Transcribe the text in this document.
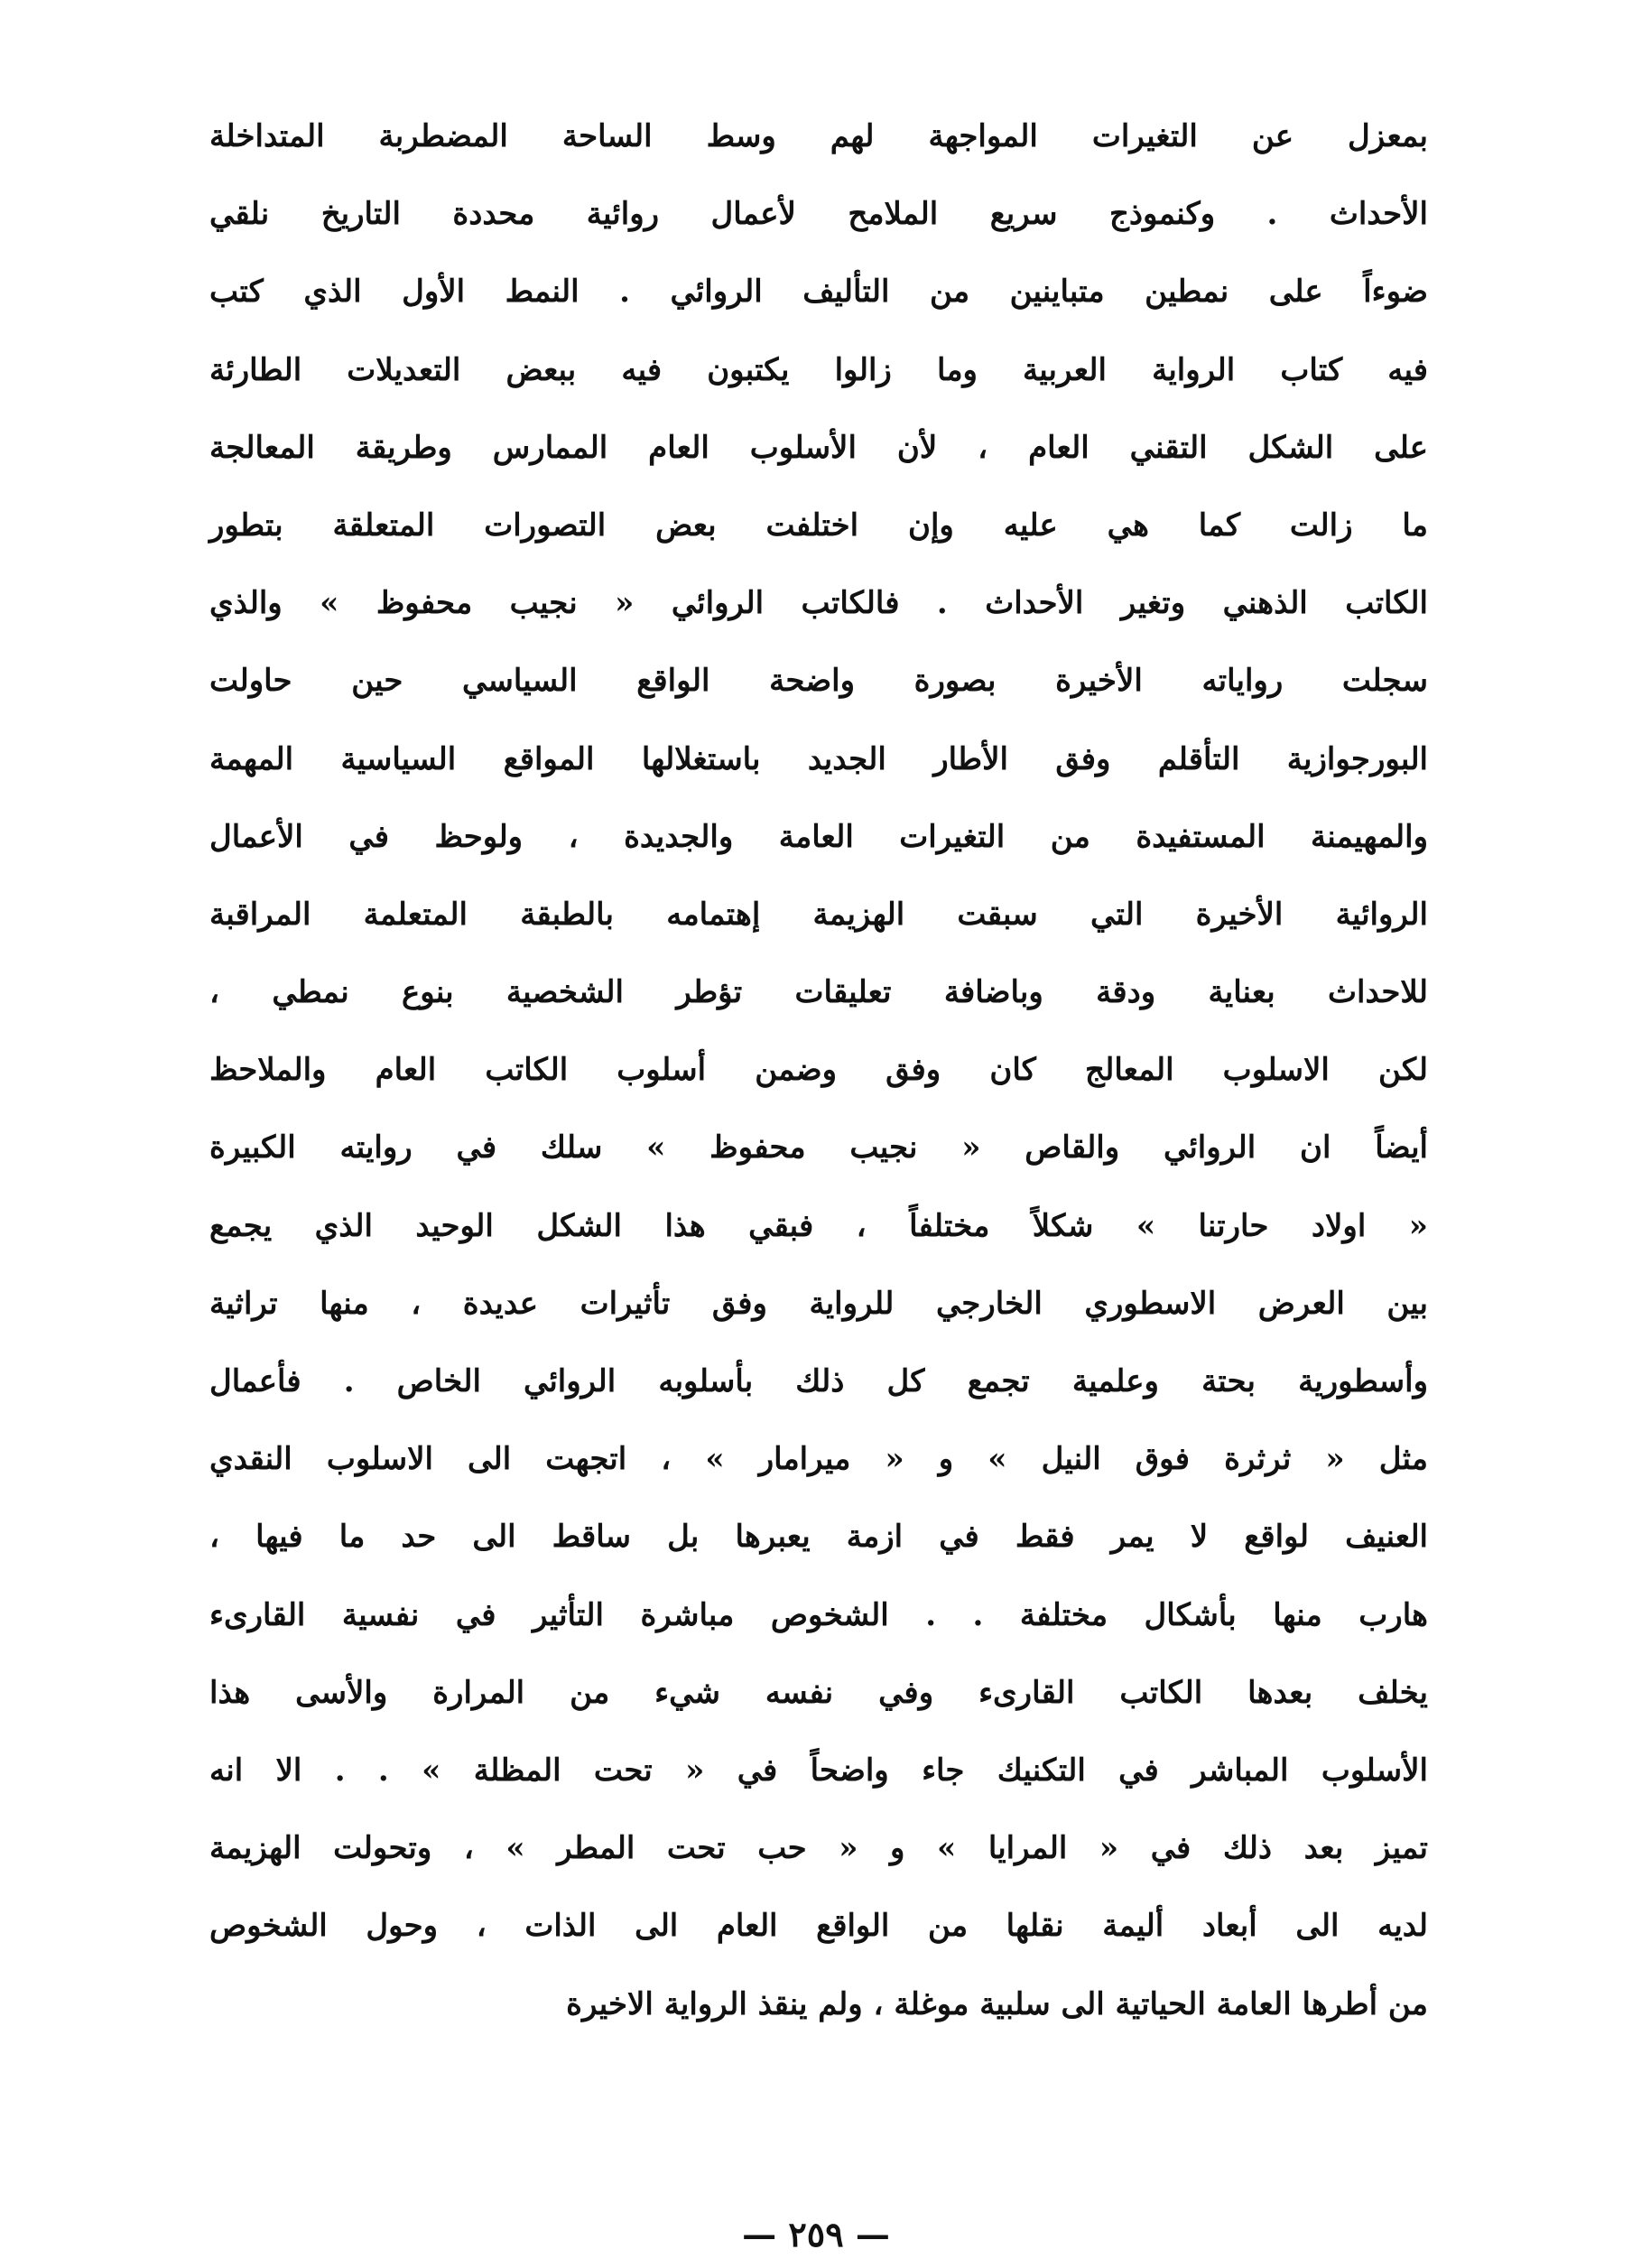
بمعزل عن التغيرات المواجهة لهم وسط الساحة المضطربة المتداخلة
الأحداث . وكنموذج سريع الملامح لأعمال روائية محددة التاريخ نلقي
ضوءاً على نمطين متباينين من التأليف الروائي . النمط الأول الذي كتب
فيه كتاب الرواية العربية وما زالوا يكتبون فيه ببعض التعديلات الطارئة
على الشكل التقني العام ، لأن الأسلوب العام الممارس وطريقة المعالجة
ما زالت كما هي عليه وإن اختلفت بعض التصورات المتعلقة بتطور
الكاتب الذهني وتغير الأحداث . فالكاتب الروائي « نجيب محفوظ » والذي
سجلت رواياته الأخيرة بصورة واضحة الواقع السياسي حين حاولت
البورجوازية التأقلم وفق الأطار الجديد باستغلالها المواقع السياسية المهمة
والمهيمنة المستفيدة من التغيرات العامة والجديدة ، ولوحظ في الأعمال
الروائية الأخيرة التي سبقت الهزيمة إهتمامه بالطبقة المتعلمة المراقبة
للاحداث بعناية ودقة وباضافة تعليقات تؤطر الشخصية بنوع نمطي ،
لكن الاسلوب المعالج كان وفق وضمن أسلوب الكاتب العام والملاحظ
أيضاً ان الروائي والقاص « نجيب محفوظ » سلك في روايته الكبيرة
« اولاد حارتنا » شكلاً مختلفاً ، فبقي هذا الشكل الوحيد الذي يجمع
بين العرض الاسطوري الخارجي للرواية وفق تأثيرات عديدة ، منها تراثية
وأسطورية بحتة وعلمية تجمع كل ذلك بأسلوبه الروائي الخاص . فأعمال
مثل « ثرثرة فوق النيل » و « ميرامار » ، اتجهت الى الاسلوب النقدي
العنيف لواقع لا يمر فقط في ازمة يعبرها بل ساقط الى حد ما فيها ،
هارب منها بأشكال مختلفة . . الشخوص مباشرة التأثير في نفسية القارىء
يخلف بعدها الكاتب القارىء وفي نفسه شيء من المرارة والأسى هذا
الأسلوب المباشر في التكنيك جاء واضحاً في « تحت المظلة » . . الا انه
تميز بعد ذلك في « المرايا » و « حب تحت المطر » ، وتحولت الهزيمة
لديه الى أبعاد أليمة نقلها من الواقع العام الى الذات ، وحول الشخوص
من أطرها العامة الحياتية الى سلبية موغلة ، ولم ينقذ الرواية الاخيرة
— ٢٥٩ —
